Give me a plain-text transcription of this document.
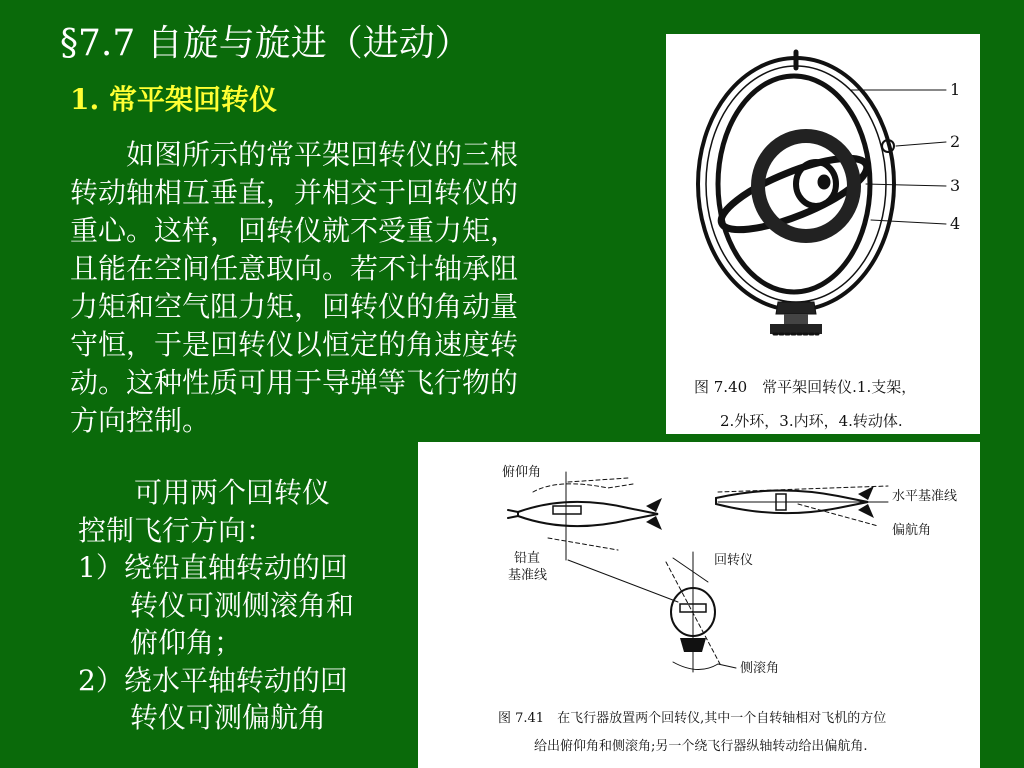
§7.7 自旋与旋进（进动）
1. 常平架回转仪

　　如图所示的常平架回转仪的三根
转动轴相互垂直，并相交于回转仪的
重心。这样，回转仪就不受重力矩，
且能在空间任意取向。若不计轴承阻
力矩和空气阻力矩，回转仪的角动量
守恒，于是回转仪以恒定的角速度转
动。这种性质可用于导弹等飞行物的
方向控制。

　　可用两个回转仪
控制飞行方向：
1）绕铅直轴转动的回
转仪可测侧滚角和
俯仰角；
2）绕水平轴转动的回
转仪可测偏航角
1
2
3
4
图 7.40　常平架回转仪.1.支架，
2.外环，3.内环，4.转动体.
俯仰角
铅直
基准线
回转仪
侧滚角
水平基准线
偏航角
图 7.41　在飞行器放置两个回转仪,其中一个自转轴相对飞机的方位
给出俯仰角和侧滚角;另一个绕飞行器纵轴转动给出偏航角.
